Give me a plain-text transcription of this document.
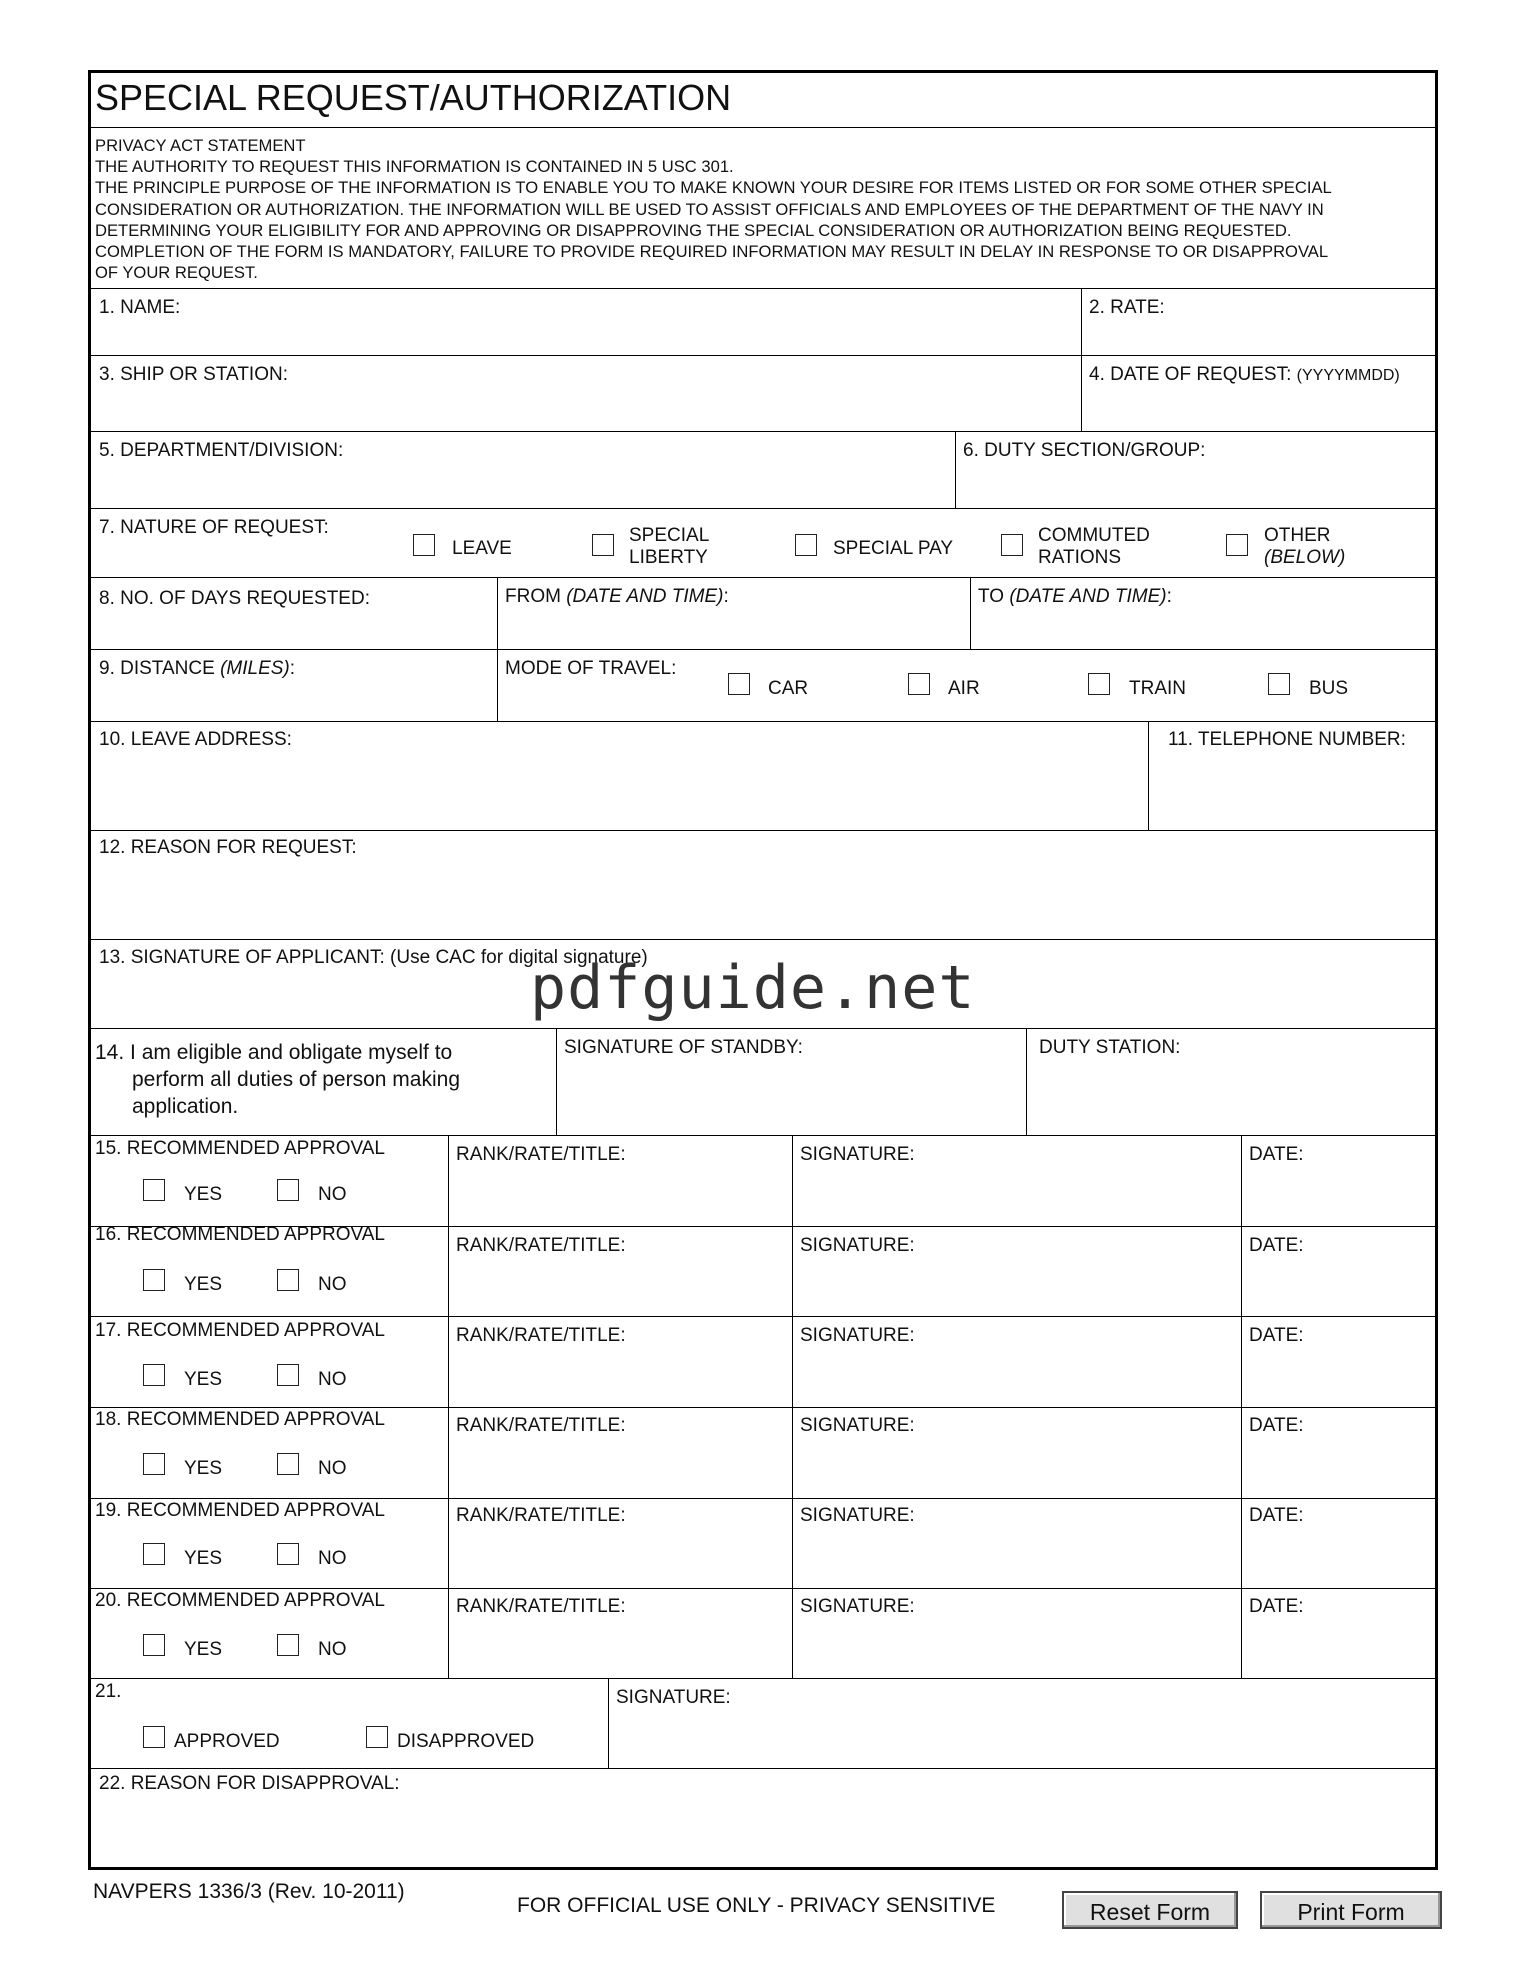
SPECIAL REQUEST/AUTHORIZATION
PRIVACY ACT STATEMENT
THE AUTHORITY TO REQUEST THIS INFORMATION IS CONTAINED IN 5 USC 301.
THE PRINCIPLE PURPOSE OF THE INFORMATION IS TO ENABLE YOU TO MAKE KNOWN YOUR DESIRE FOR ITEMS LISTED OR FOR SOME OTHER SPECIAL
CONSIDERATION OR AUTHORIZATION. THE INFORMATION WILL BE USED TO ASSIST OFFICIALS AND EMPLOYEES OF THE DEPARTMENT OF THE NAVY IN
DETERMINING YOUR ELIGIBILITY FOR AND APPROVING OR DISAPPROVING THE SPECIAL CONSIDERATION OR AUTHORIZATION BEING REQUESTED.
COMPLETION OF THE FORM IS MANDATORY, FAILURE TO PROVIDE REQUIRED INFORMATION MAY RESULT IN DELAY IN RESPONSE TO OR DISAPPROVAL
OF YOUR REQUEST.
1. NAME:	2. RATE:
3. SHIP OR STATION:	4. DATE OF REQUEST: (YYYYMMDD)
5. DEPARTMENT/DIVISION:	6. DUTY SECTION/GROUP:
7. NATURE OF REQUEST:
LEAVE
SPECIAL
LIBERTY	SPECIAL PAY
COMMUTED
RATIONS
OTHER
(BELOW)
8. NO. OF DAYS REQUESTED:	FROM (DATE AND TIME):	TO (DATE AND TIME):
9. DISTANCE (MILES):	MODE OF TRAVEL:
CAR	AIR	TRAIN	BUS
10. LEAVE ADDRESS:	11. TELEPHONE NUMBER:
12. REASON FOR REQUEST:
13. SIGNATURE OF APPLICANT: (Use CAC for digital signature)
14. I am eligible and obligate myself to
perform all duties of person making
application.
SIGNATURE OF STANDBY:	DUTY STATION:
15. RECOMMENDED APPROVAL
YES	NO
RANK/RATE/TITLE:	SIGNATURE:	DATE:
16. RECOMMENDED APPROVAL
YES	NO
RANK/RATE/TITLE:	SIGNATURE:	DATE:
17. RECOMMENDED APPROVAL
YES	NO
RANK/RATE/TITLE:	SIGNATURE:	DATE:
18. RECOMMENDED APPROVAL
YES	NO
RANK/RATE/TITLE:	SIGNATURE:	DATE:
19. RECOMMENDED APPROVAL
YES	NO
RANK/RATE/TITLE:	SIGNATURE:	DATE:
20. RECOMMENDED APPROVAL
YES	NO
RANK/RATE/TITLE:	SIGNATURE:	DATE:
21.
APPROVED	DISAPPROVED
SIGNATURE:
22. REASON FOR DISAPPROVAL:
pdfguide.net
NAVPERS 1336/3 (Rev. 10-2011)
FOR OFFICIAL USE ONLY - PRIVACY SENSITIVE	Reset Form	Print Form
